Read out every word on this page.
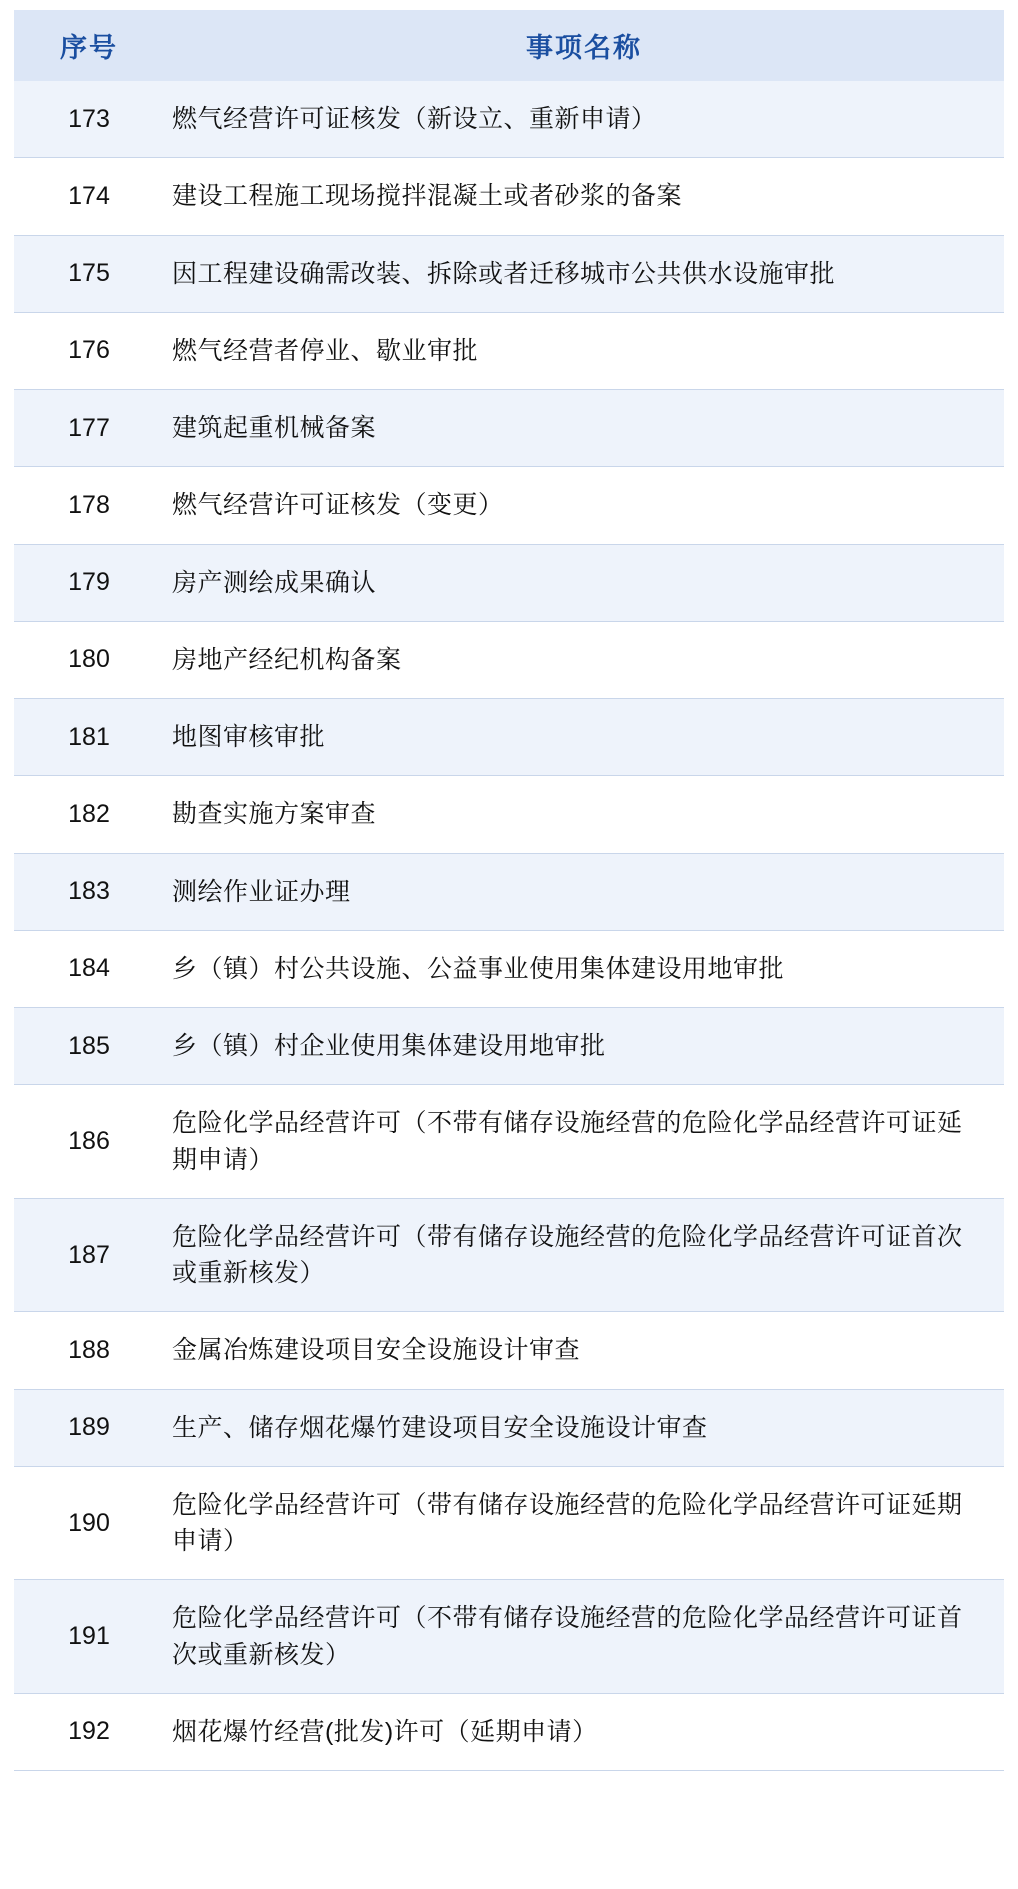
序号	事项名称
173	燃气经营许可证核发（新设立、重新申请）
174	建设工程施工现场搅拌混凝土或者砂浆的备案
175	因工程建设确需改装、拆除或者迁移城市公共供水设施审批
176	燃气经营者停业、歇业审批
177	建筑起重机械备案
178	燃气经营许可证核发（变更）
179	房产测绘成果确认
180	房地产经纪机构备案
181	地图审核审批
182	勘查实施方案审查
183	测绘作业证办理
184	乡（镇）村公共设施、公益事业使用集体建设用地审批
185	乡（镇）村企业使用集体建设用地审批
186	危险化学品经营许可（不带有储存设施经营的危险化学品经营许可证延期申请）
187	危险化学品经营许可（带有储存设施经营的危险化学品经营许可证首次或重新核发）
188	金属冶炼建设项目安全设施设计审查
189	生产、储存烟花爆竹建设项目安全设施设计审查
190	危险化学品经营许可（带有储存设施经营的危险化学品经营许可证延期申请）
191	危险化学品经营许可（不带有储存设施经营的危险化学品经营许可证首次或重新核发）
192	烟花爆竹经营(批发)许可（延期申请）
